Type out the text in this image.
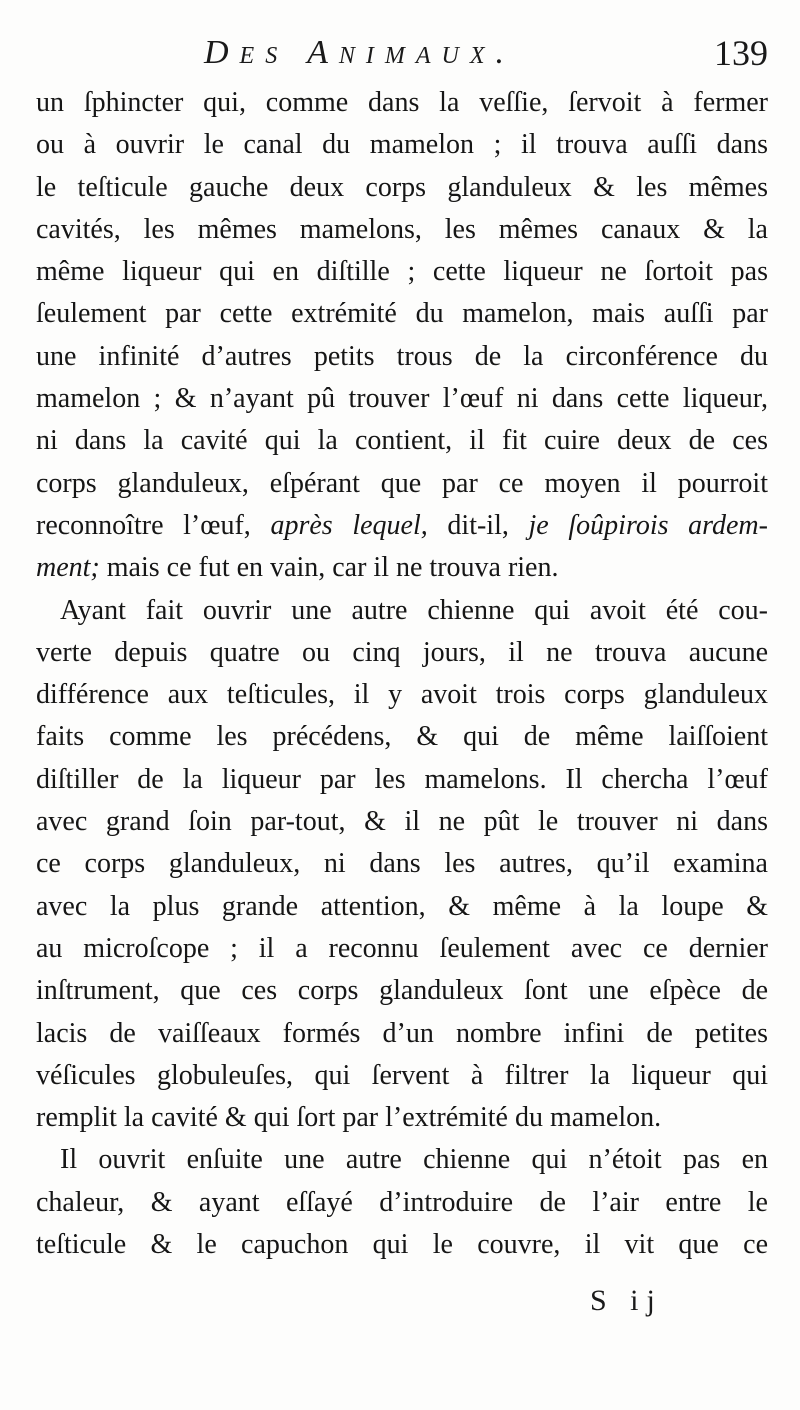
Des Animaux.	139
un ſphincter qui, comme dans la veſſie, ſervoit à fermer
ou à ouvrir le canal du mamelon ; il trouva auſſi dans
le teſticule gauche deux corps glanduleux & les mêmes
cavités, les mêmes mamelons, les mêmes canaux & la
même liqueur qui en diſtille ; cette liqueur ne ſortoit pas
ſeulement par cette extrémité du mamelon, mais auſſi par
une infinité d’autres petits trous de la circonférence du
mamelon ; & n’ayant pû trouver l’œuf ni dans cette liqueur,
ni dans la cavité qui la contient, il fit cuire deux de ces
corps glanduleux, eſpérant que par ce moyen il pourroit
reconnoître l’œuf, après lequel, dit-il, je ſoûpirois ardem-
ment; mais ce fut en vain, car il ne trouva rien.
Ayant fait ouvrir une autre chienne qui avoit été cou-
verte depuis quatre ou cinq jours, il ne trouva aucune
différence aux teſticules, il y avoit trois corps glanduleux
faits comme les précédens, & qui de même laiſſoient
diſtiller de la liqueur par les mamelons. Il chercha l’œuf
avec grand ſoin par-tout, & il ne pût le trouver ni dans
ce corps glanduleux, ni dans les autres, qu’il examina
avec la plus grande attention, & même à la loupe &
au microſcope ; il a reconnu ſeulement avec ce dernier
inſtrument, que ces corps glanduleux ſont une eſpèce de
lacis de vaiſſeaux formés d’un nombre infini de petites
véſicules globuleuſes, qui ſervent à filtrer la liqueur qui
remplit la cavité & qui ſort par l’extrémité du mamelon.
Il ouvrit enſuite une autre chienne qui n’étoit pas en
chaleur, & ayant eſſayé d’introduire de l’air entre le
teſticule & le capuchon qui le couvre, il vit que ce
S ij
